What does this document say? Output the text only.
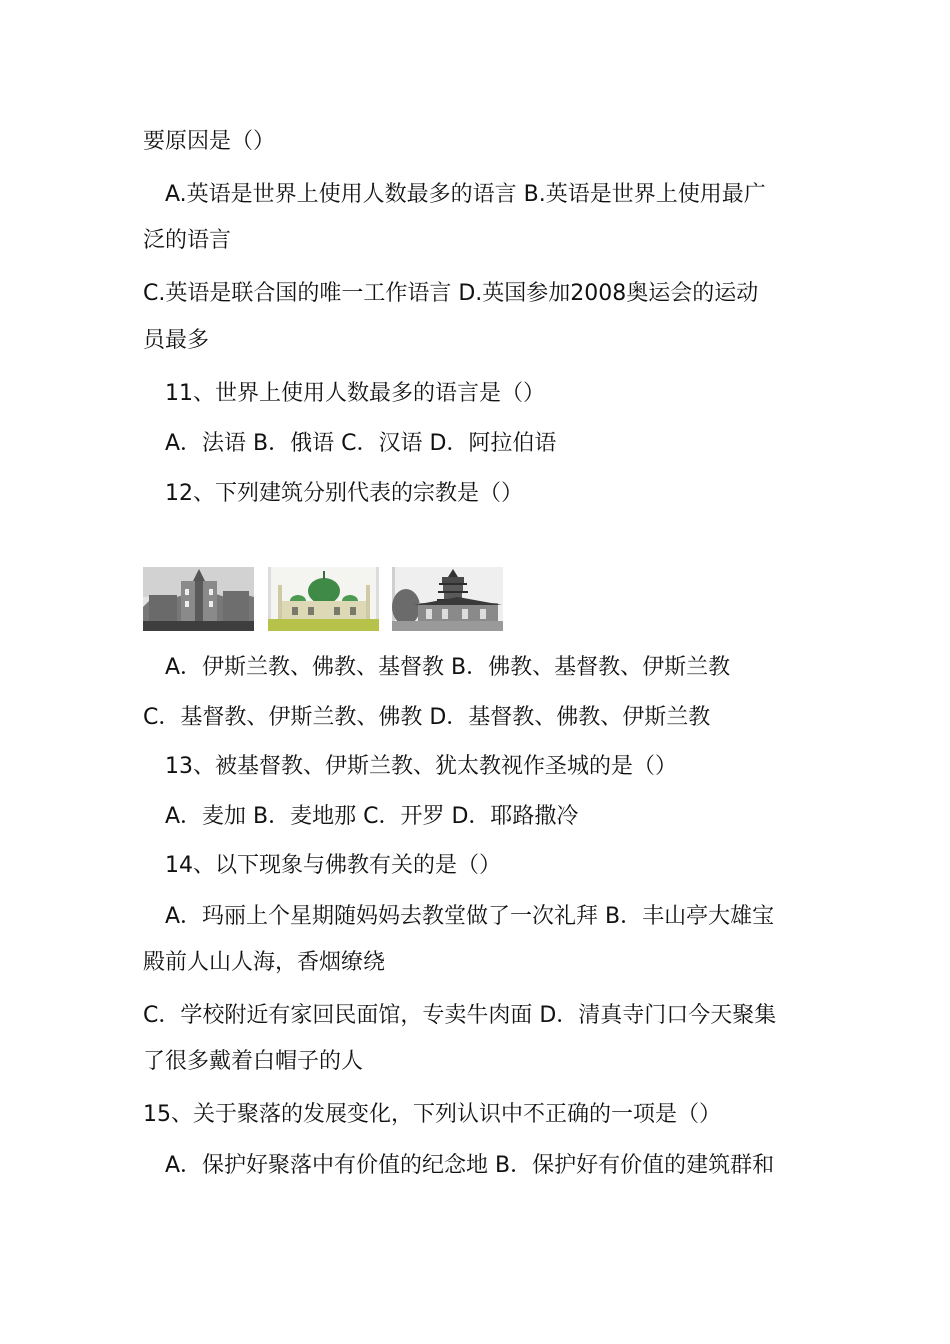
要原因是（）
A.英语是世界上使用人数最多的语言 B.英语是世界上使用最广
泛的语言
C.英语是联合国的唯一工作语言 D.英国参加2008奥运会的运动
员最多
11、世界上使用人数最多的语言是（）
A．法语 B．俄语 C．汉语 D．阿拉伯语
12、下列建筑分别代表的宗教是（）
A．伊斯兰教、佛教、基督教 B．佛教、基督教、伊斯兰教
C．基督教、伊斯兰教、佛教 D．基督教、佛教、伊斯兰教
13、被基督教、伊斯兰教、犹太教视作圣城的是（）
A．麦加 B．麦地那 C．开罗 D．耶路撒冷
14、以下现象与佛教有关的是（）
A．玛丽上个星期随妈妈去教堂做了一次礼拜 B．丰山亭大雄宝
殿前人山人海，香烟缭绕
C．学校附近有家回民面馆，专卖牛肉面 D．清真寺门口今天聚集
了很多戴着白帽子的人
15、关于聚落的发展变化，下列认识中不正确的一项是（）
A．保护好聚落中有价值的纪念地 B．保护好有价值的建筑群和
